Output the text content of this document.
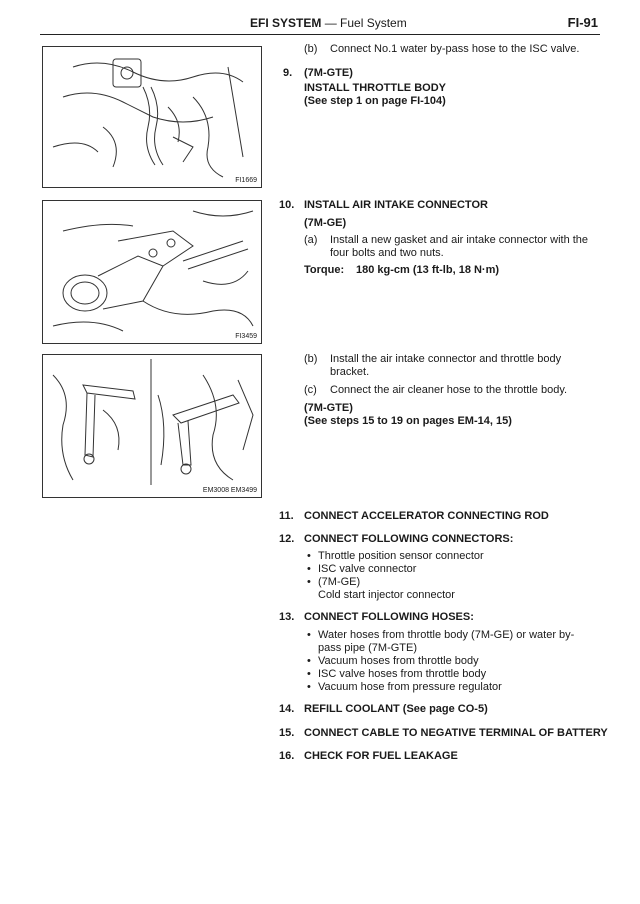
EFI SYSTEM — Fuel System	FI-91
FI1669
FI3459
EM3008 EM3499
(b) Connect No.1 water by-pass hose to the ISC valve.
9. (7M-GTE)
INSTALL THROTTLE BODY
(See step 1 on page FI-104)
10. INSTALL AIR INTAKE CONNECTOR
(7M-GE)
(a) Install a new gasket and air intake connector with the
four bolts and two nuts.
Torque: 180 kg-cm (13 ft-lb, 18 N·m)
(b) Install the air intake connector and throttle body
bracket.
(c) Connect the air cleaner hose to the throttle body.
(7M-GTE)
(See steps 15 to 19 on pages EM-14, 15)
11. CONNECT ACCELERATOR CONNECTING ROD
12. CONNECT FOLLOWING CONNECTORS:
• Throttle position sensor connector
• ISC valve connector
• (7M-GE)
Cold start injector connector
13. CONNECT FOLLOWING HOSES:
• Water hoses from throttle body (7M-GE) or water by-
pass pipe (7M-GTE)
• Vacuum hoses from throttle body
• ISC valve hoses from throttle body
• Vacuum hose from pressure regulator
14. REFILL COOLANT (See page CO-5)
15. CONNECT CABLE TO NEGATIVE TERMINAL OF BATTERY
16. CHECK FOR FUEL LEAKAGE
